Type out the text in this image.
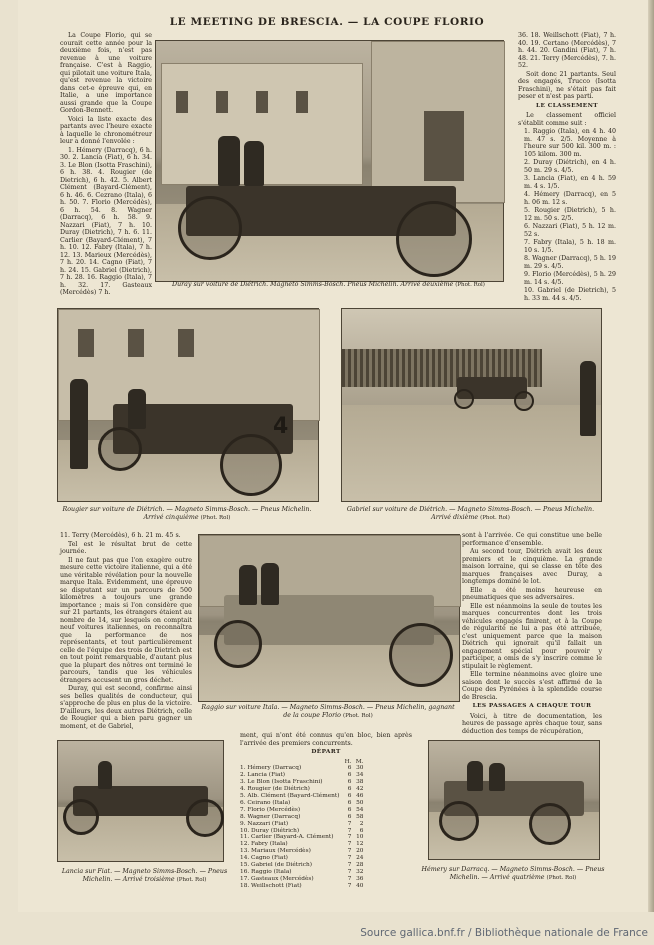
LE MEETING DE BRESCIA. — LA COUPE FLORIO

La Coupe Florio, qui se courait cette année pour la deuxième fois, n'est pas revenue à une voiture française. C'est à Raggio, qui pilotait une voiture Itala, qu'est revenue la victoire dans cet-e épreuve qui, en Italie, a une importance aussi grande que la Coupe Gordon-Bennett.

Voici la liste exacte des partants avec l'heure exacte à laquelle le chronométreur leur a donné l'envolée :

1. Hémery (Darracq), 6 h. 30. 2. Lancia (Fiat), 6 h. 34. 3. Le Blon (Isotta Fraschini), 6 h. 38. 4. Rougier (de Dietrich), 6 h. 42. 5. Albert Clément (Bayard-Clément), 6 h. 46. 6. Cezrano (Itala), 6 h. 50. 7. Florio (Mercédès), 6 h. 54. 8. Wagner (Darracq), 6 h. 58. 9. Nazzari (Fiat), 7 h. 10. Duray (Dietrich), 7 h. 6. 11. Carlier (Bayard-Clément), 7 h. 10. 12. Fabry (Itala), 7 h. 12. 13. Marieux (Mercédès), 7 h. 20. 14. Cagno (Fiat), 7 h. 24. 15. Gabriel (Dietrich), 7 h. 28. 16. Raggio (Itala), 7 h. 32. 17. Gasteaux (Mercédès) 7 h.

Duray sur voiture de Diétrich. Magneto Simms-Bosch. Pneus Michelin. Arrivé deuxième (Phot. Rol)

36. 18. Weillschott (Fiat), 7 h. 40. 19. Certano (Mercédès), 7 h. 44. 20. Gandini (Fiat), 7 h. 48. 21. Terry (Mercédès), 7. h. 52.

Soit donc 21 partants. Seul des engagés, Trucco (Isotta Fraschini), ne s'était pas fait peser et n'est pas parti.

LE CLASSEMENT

Le classement officiel s'établit comme suit :

1. Raggio (Itala), en 4 h. 40 m. 47 s. 2/5. Moyenne à l'heure sur 500 kil. 300 m. : 105 kilom. 300 m.

2. Duray (Diétrich), en 4 h. 50 m. 29 s. 4/5.

3. Lancia (Fiat), en 4 h. 59 m. 4 s. 1/5.

4. Hémery (Darracq), en 5 h. 06 m. 12 s.

5. Rougier (Dietrich), 5 h. 12 m. 50 s. 2/5.

6. Nazzari (Fiat), 5 h. 12 m. 52 s.

7. Fabry (Itala), 5 h. 18 m. 10 s. 1/5.

8. Wagner (Darracq), 5 h. 19 m. 29 s. 4/5.

9. Florio (Mercédès), 5 h. 29 m. 14 s. 4/5.

10. Gabriel (de Dietrich), 5 h. 33 m. 44 s. 4/5.

4
Rougier sur voiture de Diétrich. — Magneto Simms-Bosch. — Pneus Michelin. Arrivé cinquième (Phot. Rol)
Gabriel sur voiture de Diétrich. — Magneto Simms-Bosch. — Pneus Michelin. Arrivé dixième (Phot. Rol)

11. Terry (Mercédès), 6 h. 21 m. 45 s.

Tel est le résultat brut de cette journée.

Il ne faut pas que l'on exagère outre mesure cette victoire italienne, qui a été une véritable révélation pour la nouvelle marque Itala. Evidemment, une épreuve se disputant sur un parcours de 500 kilomètres a toujours une grande importance ; mais si l'on considère que sur 21 partants, les étrangers étaient au nombre de 14, sur lesquels on comptait neuf voitures italiennes, on reconnaîtra que la performance de nos représentants, et tout particulièrement celle de l'équipe des trois de Dietrich est en tout point remarquable, d'autant plus que la plupart des nôtres ont terminé le parcours, tandis que les véhicules étrangers accusent un gros déchet.

Duray, qui est second, confirme ainsi ses belles qualités de conducteur, qui s'approche de plus en plus de la victoire. D'ailleurs, les deux autres Diétrich, celle de Rougier qui a bien paru gagner un moment, et de Gabriel,

Raggio sur voiture Itala. — Magneto Simms-Bosch. — Pneus Michelin, gagnant de la coupe Florio (Phot. Rol)

sont à l'arrivée. Ce qui constitue une belle performance d'ensemble.

Au second tour, Diétrich avait les deux premiers et le cinquième. La grande maison lorraine, qui se classe en tête des marques françaises avec Duray, a longtemps dominé le lot.

Elle a été moins heureuse en pneumatiques que ses adversaires.

Elle est néanmoins la seule de toutes les marques concurrentes dont les trois véhicules engagés finirent, et à la Coupe de régularité ne lui a pas été attribuée, c'est uniquement parce que la maison Diétrich qui ignorait qu'il fallait un engagement spécial pour pouvoir y participer, a omis de s'y inscrire comme le stipulait le règlement.

Elle termine néanmoins avec gloire une saison dont le succès s'est affirmé de la Coupe des Pyrénées à la splendide course de Brescia.

LES PASSAGES A CHAQUE TOUR

Voici, à titre de documentation, les heures de passage après chaque tour, sans déduction des temps de récupération,

Lancia sur Fiat. — Magneto Simms-Bosch. — Pneus Michelin. — Arrivé troisième (Phot. Rol)

ment, qui n'ont été connus qu'en bloc, bien après l'arrivée des premiers concurrents.

DÉPART

	H.	M.
1. Hémery (Darracq)	6	30
2. Lancia (Fiat)	6	34
3. Le Blon (Isotta Fraschini)	6	38
4. Rougier (de Diétrich)	6	42
5. Alb. Clément (Bayard-Clément)	6	46
6. Ceirano (Itala)	6	50
7. Florio (Mercédès)	6	54
8. Wagner (Darracq)	6	58
9. Nazzari (Fiat)	7	2
10. Duray (Diétrich)	7	6
11. Carlier (Bayard-A. Clément)	7	10
12. Fabry (Itala)	7	12
13. Mariaux (Mercédès)	7	20
14. Cagno (Fiat)	7	24
15. Gabriel (de Diétrich)	7	28
16. Raggio (Itala)	7	32
17. Gasteaux (Mercédès)	7	36
18. Weillschott (Fiat)	7	40
Hémery sur Darracq. — Magneto Simms-Bosch. — Pneus Michelin. — Arrivé quatrième (Phot. Rol)
Source gallica.bnf.fr / Bibliothèque nationale de France
